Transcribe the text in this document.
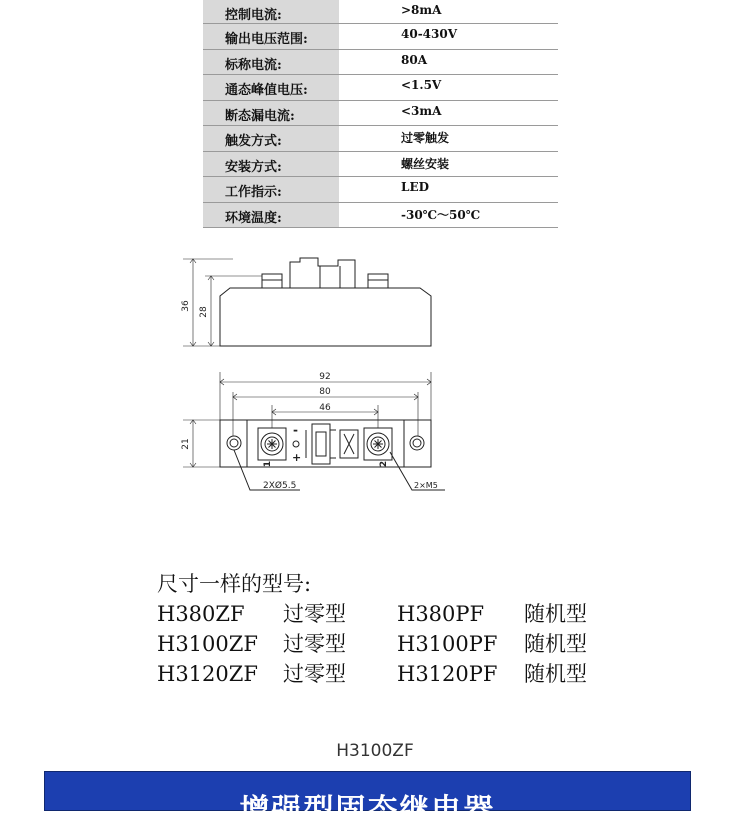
控制电流:	>8mA
输出电压范围:	40-430V
标称电流:	80A
通态峰值电压:	<1.5V
断态漏电流:	<3mA
触发方式:	过零触发
安装方式:	螺丝安装
工作指示:	LED
环境温度:	-30℃～50℃
36
28
92
80
46
21
2XØ5.5	2×M5
1	2
-
+
尺寸一样的型号:
H380ZF	过零型	H380PF	随机型
H3100ZF	过零型	H3100PF	随机型
H3120ZF	过零型	H3120PF	随机型
H3100ZF
增强型固态继电器
